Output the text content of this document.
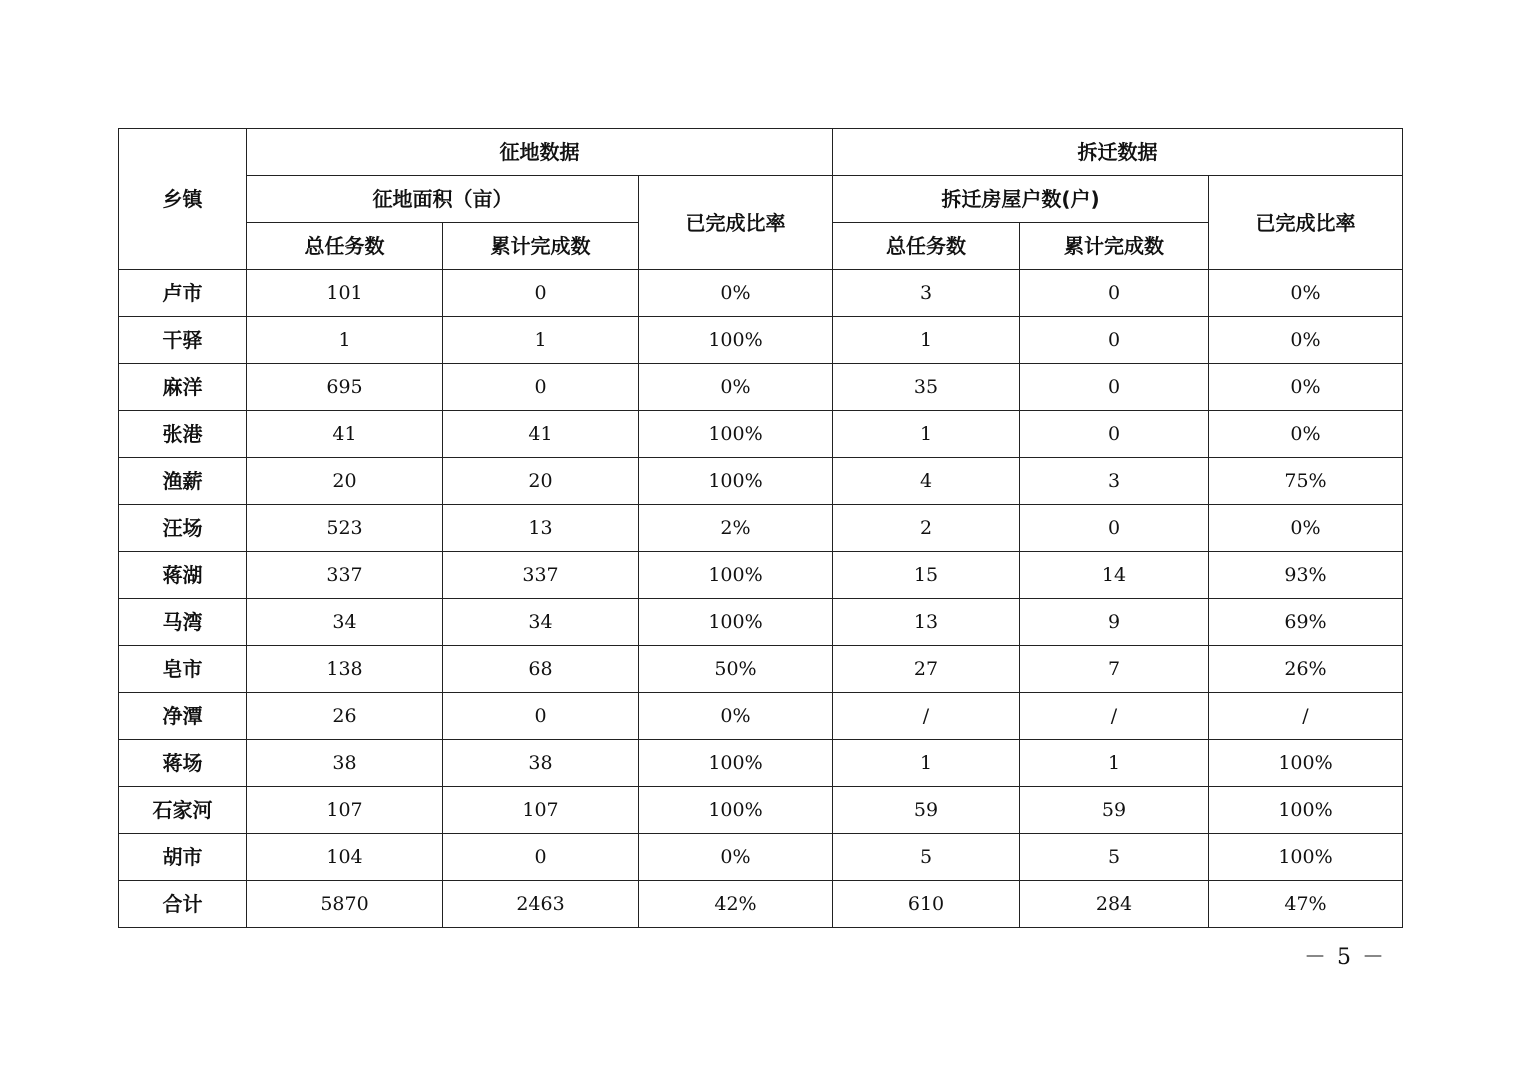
乡镇	征地数据			拆迁数据		
	征地面积（亩）		已完成比率	拆迁房屋户数(户)		已完成比率
	总任务数	累计完成数		总任务数	累计完成数	
卢市	101	0	0%	3	0	0%
干驿	1	1	100%	1	0	0%
麻洋	695	0	0%	35	0	0%
张港	41	41	100%	1	0	0%
渔薪	20	20	100%	4	3	75%
汪场	523	13	2%	2	0	0%
蒋湖	337	337	100%	15	14	93%
马湾	34	34	100%	13	9	69%
皂市	138	68	50%	27	7	26%
净潭	26	0	0%	/	/	/
蒋场	38	38	100%	1	1	100%
石家河	107	107	100%	59	59	100%
胡市	104	0	0%	5	5	100%
合计	5870	2463	42%	610	284	47%
－ 5 －
